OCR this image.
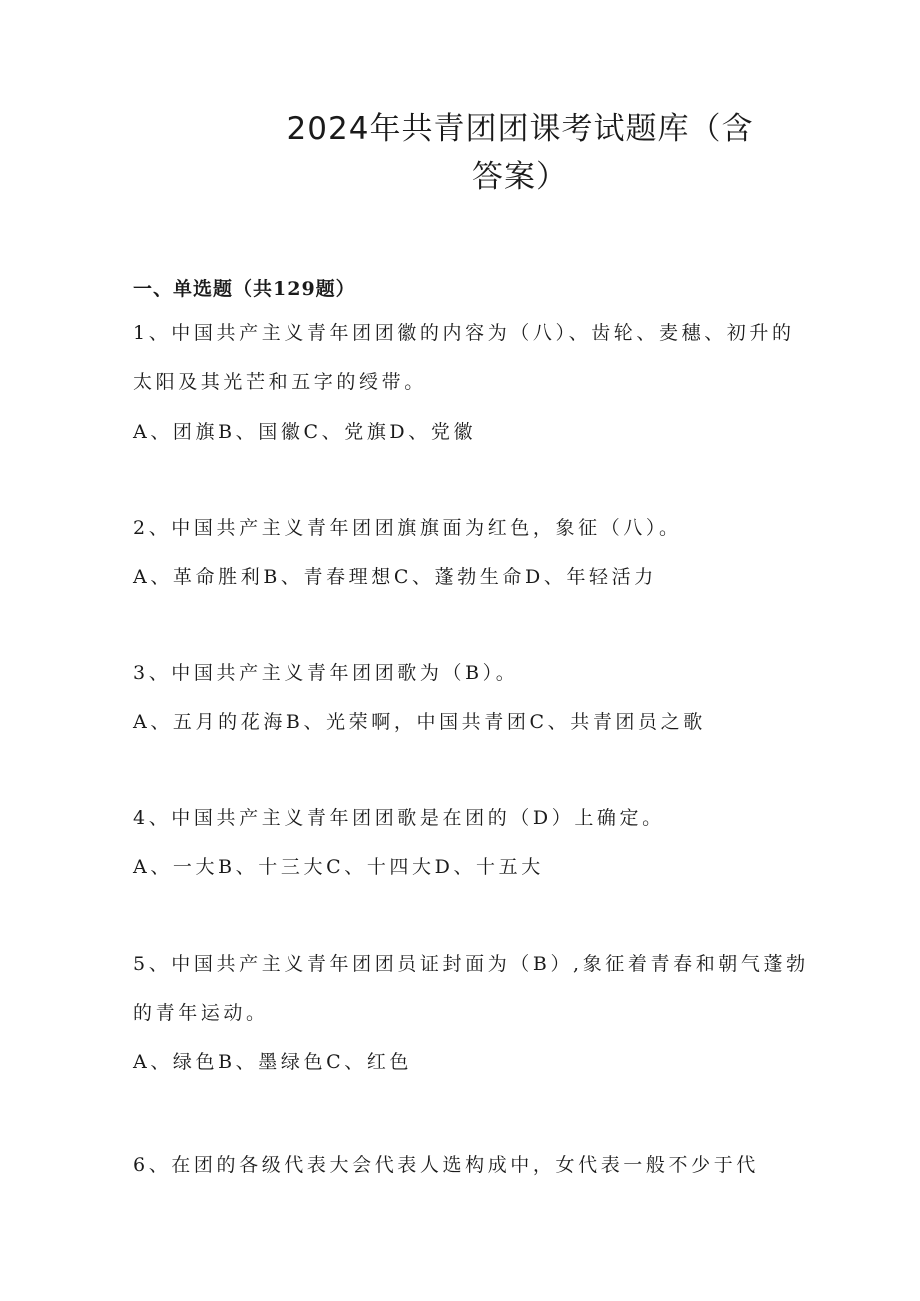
2024年共青团团课考试题库（含
答案）
一、单选题（共129题）

1、中国共产主义青年团团徽的内容为（八）、齿轮、麦穗、初升的

太阳及其光芒和五字的绶带。

A、团旗B、国徽C、党旗D、党徽

2、中国共产主义青年团团旗旗面为红色，象征（八）。

A、革命胜利B、青春理想C、蓬勃生命D、年轻活力

3、中国共产主义青年团团歌为（B）。

A、五月的花海B、光荣啊，中国共青团C、共青团员之歌

4、中国共产主义青年团团歌是在团的（D）上确定。

A、一大B、十三大C、十四大D、十五大

5、中国共产主义青年团团员证封面为（B）,象征着青春和朝气蓬勃

的青年运动。

A、绿色B、墨绿色C、红色

6、在团的各级代表大会代表人选构成中，女代表一般不少于代
